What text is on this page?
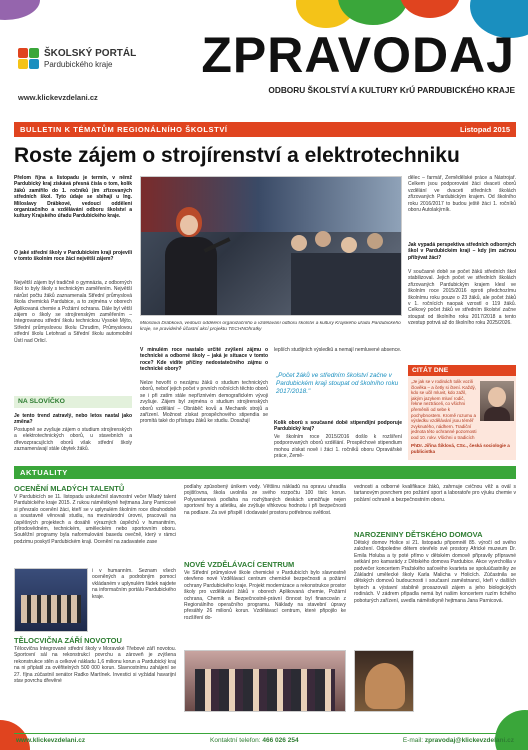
ŠKOLSKÝ PORTÁL
Pardubického kraje
www.klickevzdelani.cz
ZPRAVODAJ
ODBORU ŠKOLSTVÍ A KULTURY KrÚ PARDUBICKÉHO KRAJE
BULLETIN K TÉMATŮM REGIONÁLNÍHO ŠKOLSTVÍ	Listopad 2015
Roste zájem o strojírenství a elektrotechniku
Přelom října a listopadu je termín, v němž Pardubický kraj získává přesná čísla o tom, kolik žáků zamířilo do 1. ročníků jím zřizovaných středních škol. Tyto údaje se sbíhají u Ing. Miloslavy Drábkové, vedoucí oddělení organizačního a vzdělávání odboru školství a kultury Krajského úřadu Pardubického kraje.
O jaké střední školy v Pardubickém kraji projevili v tomto školním roce žáci největší zájem?
Největší zájem byl tradičně o gymnázia, z odborných škol to byly školy s technickým zaměřením. Největší nárůst počtu žáků zaznamenala Střední průmyslová škola chemická Pardubice, a to zejména v oborech Aplikovaná chemie a Požární ochrana. Dále byl větší zájem o školy se strojírenským zaměřením – Integrovanou střední školu technickou Vysoké Mýto, Střední průmyslovou školu Chrudim, Průmyslovou střední školu Letohrad a Střední školu automobilní Ústí nad Orlicí.
NA SLOVÍČKO
Je tento trend zatravlý, nebo letos nastal jako změna?
Postupně se zvyšuje zájem o studium strojírenských a elektrotechnických oborů, u stavebních a dřevozpracujících oborů však střední školy zaznamenávají stále úbytek žáků.
Miloslava Drábková, vedoucí oddělení organizačního a vzdělávání odboru školství a kultury Krajského úřadu Pardubického kraje, se pravidelně účastní akcí projektu TECHNOhratky
V minulém roce nastalo určité zvýšení zájmu o technické a odborné školy – jaká je situace v tomto roce? Kde vidíte příčiny nedostatečného zájmu o technické obory?
Nelze hovořit o nezájmu žáků o studium technických oborů, neboť jejich počet v prvních ročnících těchto oborů se i při zatím stále nepříznivém demografickém vývoji zvyšuje. Zájem byl zejména o studium strojírenských oborů vzdělání – Obráběč kovů a Mechanik strojů a zařízení. Možnost získat prospěchového stipendia se promítá také do přístupu žáků ke studiu. Dosažují
lepších studijních výsledků a nemají nemluvené absence.
„Počet žáků ve středním školství začne v Pardubickém kraji stoupat od školního roku 2017/2018."
Kolik oborů s současné době stipendijní podporuje Pardubický kraj?
Ve školním roce 2015/2016 došlo k rozšíření podporovaných oborů vzdělání. Prospěchové stipendium mohou získat nově i žáci 1. ročníků oboru Opravářské práce, Země-
dělec – farmář, Zemědělské práce a Nástrojař. Celkem jsou podporováni žáci dvaceti oborů vzdělání ve dvaceti středních školách zřizovaných Pardubickým krajem. Od školního roku 2016/2017 to budou ještě žáci 1. ročníků oboru Autolakýrník.
Jak vypadá perspektiva středních odborných škol v Pardubickém kraji – kdy jim začnou přibývat žáci?
V současné době se počet žáků středních škol stabilizoval. Jejich počet ve středních školách zřizovaných Pardubickým krajem klesl ve školním roce 2015/2016 oproti předchozímu školnímu roku pouze o 23 žáků, ale počet žáků v 1. ročnících naopak vzrostl o 119 žáků. Celkový počet žáků ve středním školství začne stoupat od školního roku 2017/2018 a tento vzestup potrvá až do školního roku 2025/2026.
CITÁT DNE
„Je jak se v rodinách tolik vozili člověka – a četly si čtení. Každý, kdo se učil mluvit, kdo zažil, jakým jazykem mluví rodič, řekne neztráceli, co všichni přeměnili od sebe k pochybnostem. Kromě rozumu a výsledku vzdělávání jsou téměř zvyknutého, nádhern. Tradiční jednota této ochranné pozornosti pod 10. roky. Všichni o tradicích
PhDr. Jiřina Šiklová, CSc., česká sociologie a publicistka
AKTUALITY
OCENĚNÍ MLADÝCH TALENTŮ
V Pardubicích se 11. listopadu uskutečnil slavnostní večer Mladý talent Pardubického kraje 2015. Z rukou náměstkyně hejtmana Jany Parnicové si převzalo ocenění žáci, kteří se v uplynulém školním roce dlouhodobě a soustavně věnovali studiu, na mezinárodní úrovni, pracovali na úspěšných projektech a dosáhli výrazných úspěchů v humanitním, přírodovědném, technickém, uměleckém nebo sportovním oboru. Soutěžní programy byla naformulováni basedu ovečně, který v rámci podzimu poskytl Pardubickém kraji. Ocenění na zadavatele zase
i v humanním. Seznam všech oceněných a podrobným pomocí vkládaném v uplynulém řádek najdete na informačním portálu Pardubického kraje.
TĚLOCVIČNA ZÁŘÍ NOVOTOU
Tělocvična Integrované střední školy v Moravské Třebové září novotou. Sportovní sál na rekonstrukcí povrchu a zároveň je zvýšena rekonstrukce stěn a celkové nákladu 1,6 milionu korun a Pardubický kraj na ni připlatil za ověřitelných 500 000 korun. Slavnostnímu zahájení se 27. října zúčastnil senátor Radko Martínek. Investici si vyžádal havarijní stav povrchu dřevěné
podlahy způsobený únikem vody. Většinu nákladů na opravu uhradila pojišťovna, škola uvolnila ze svého rozpočtu 100 tisíc korun. Polyuretanová podlaha na rozhýbaných deskách umožňuje nejen sportovní hry a atletiku, ale zvýšuje vlhkovou hodnotu i při bezpečnosti na podlaze. Za své přispěl i dodavatel prostoru potřebnou světlost.
NOVÉ VZDĚLÁVACÍ CENTRUM
Ve Střední průmyslové škole chemické v Pardubicích bylo slavnostně otevřeno nové Vzdělávací centrum chemické bezpečnosti a požární ochrany Pardubického kraje. Projekt modernizace a rekonstrukce prostor školy pro vzdělávání žáků v oborech Aplikovaná chemie, Požární ochrana, Chemik a Bezpečnostně-právní činnost byl financován z Regionálního operačního programu. Náklady na stavební úpravy přesáhly 26 milionů korun. Vzdělávací centrum, které připojilo ke rozšíření do-
vednosti a odborné kvalifikace žáků, zahrnuje cvičnou věž a ovál s tartanovým povrchem pro požární sport a laboratoře pro výuku chemie v požární ochraně a bezpečnostním oboru.
NAROZENINY DĚTSKÉHO DOMOVA
Dětský domov Holice si 21. listopadu připomněl 85. výročí od svého založení. Odpoledne dětem otevřelo své prostory Africké muzeum Dr. Emila Holuba a ty poté přímo v dětském domově připravily přípravné setkání pro kamarády z Dětského domova Pardubice. Akce vyvrcholila v podvečer koncertem Pražského saťového kvarteta se spoluúčastníky ze Základní umělecké školy Karla Malicha v Holicích. Zúčastnila se dětských domovů budoucnosti i současní zaměstnanci, kteří v dalších bytech a výstavní stabilně prosazovali zájem a jeho biologických rodinách. V zádrem připadla nemá byt našim koncertem ruzím tichého poboturých zařízení, uvedla náměstkyně hejtmana Jana Parnicová.
www.klickevzdelani.cz	Kontaktní telefon: 466 026 254	E-mail: zpravodaj@klickevzdelani.cz
